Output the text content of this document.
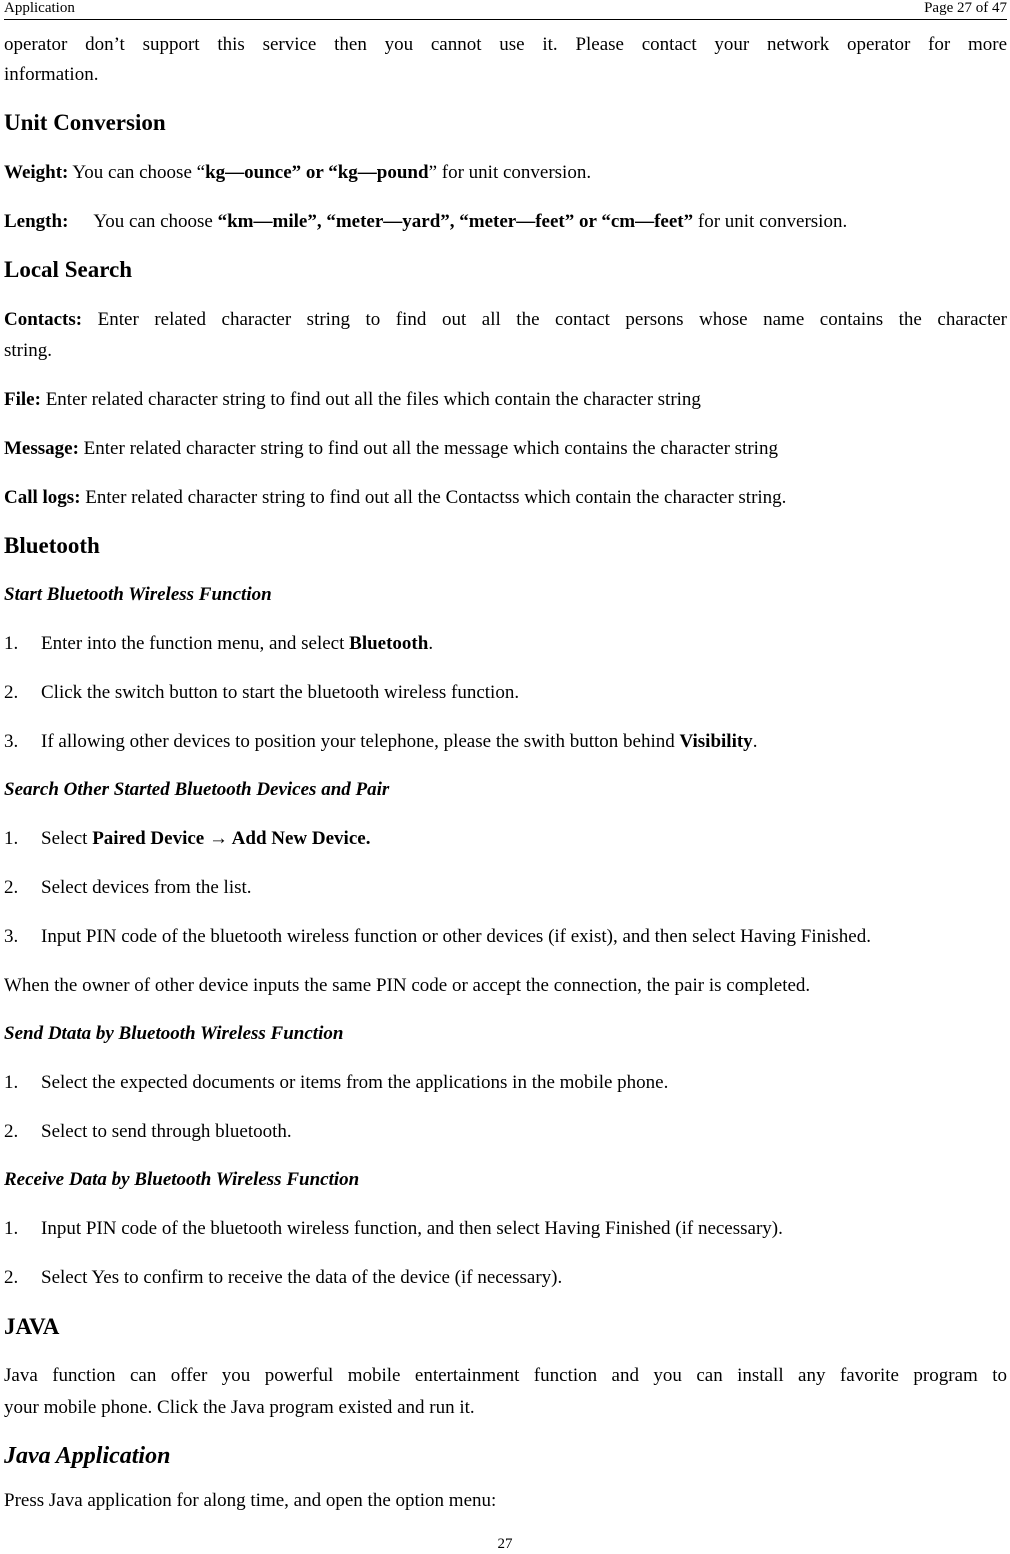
Application	Page 27 of 47
operator don’t support this service then you cannot use it. Please contact your network operator for more
information.
Unit Conversion
Weight: You can choose “kg—ounce” or “kg—pound” for unit conversion.
Length: You can choose “km—mile”, “meter—yard”, “meter—feet” or “cm—feet” for unit conversion.
Local Search
Contacts: Enter related character string to find out all the contact persons whose name contains the character
string.
File: Enter related character string to find out all the files which contain the character string
Message: Enter related character string to find out all the message which contains the character string
Call logs: Enter related character string to find out all the Contactss which contain the character string.
Bluetooth
Start Bluetooth Wireless Function
1. Enter into the function menu, and select Bluetooth.
2. Click the switch button to start the bluetooth wireless function.
3. If allowing other devices to position your telephone, please the swith button behind Visibility.
Search Other Started Bluetooth Devices and Pair
1. Select Paired Device → Add New Device.
2. Select devices from the list.
3. Input PIN code of the bluetooth wireless function or other devices (if exist), and then select Having Finished.
When the owner of other device inputs the same PIN code or accept the connection, the pair is completed.
Send Dtata by Bluetooth Wireless Function
1. Select the expected documents or items from the applications in the mobile phone.
2. Select to send through bluetooth.
Receive Data by Bluetooth Wireless Function
1. Input PIN code of the bluetooth wireless function, and then select Having Finished (if necessary).
2. Select Yes to confirm to receive the data of the device (if necessary).
JAVA
Java function can offer you powerful mobile entertainment function and you can install any favorite program to
your mobile phone. Click the Java program existed and run it.
Java Application
Press Java application for along time, and open the option menu:
27
